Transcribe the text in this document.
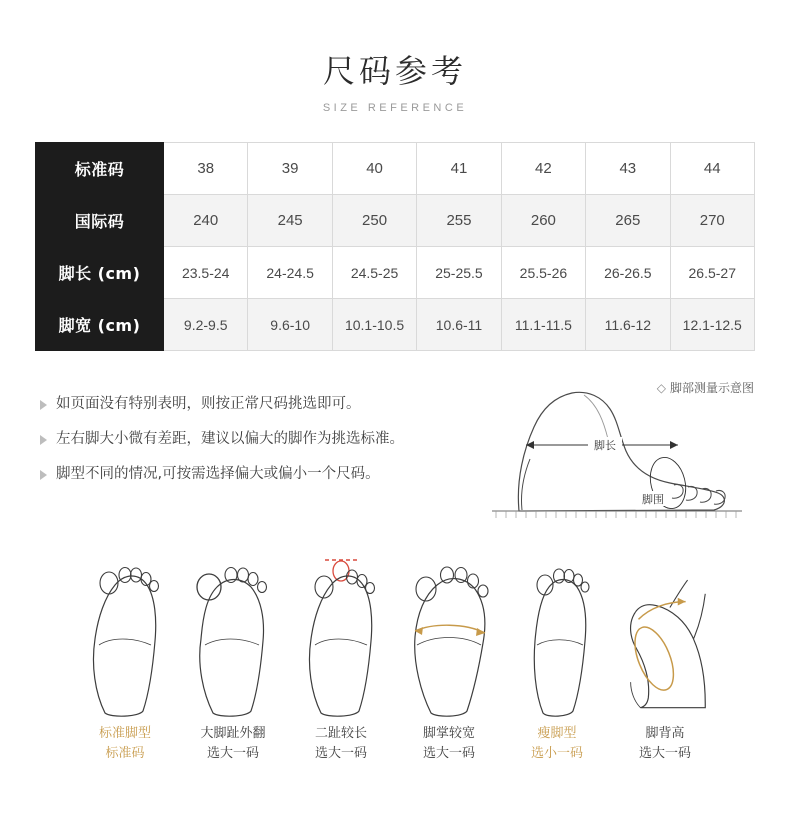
尺码参考
SIZE REFERENCE
标准码	38	39	40	41	42	43	44
国际码	240	245	250	255	260	265	270
脚长 (cm)	23.5-24	24-24.5	24.5-25	25-25.5	25.5-26	26-26.5	26.5-27
脚宽 (cm)	9.2-9.5	9.6-10	10.1-10.5	10.6-11	11.1-11.5	11.6-12	12.1-12.5
如页面没有特别表明，则按正常尺码挑选即可。
左右脚大小微有差距，建议以偏大的脚作为挑选标准。
脚型不同的情况,可按需选择偏大或偏小一个尺码。
◇ 脚部测量示意图
脚长
脚围
标准脚型
标准码
大脚趾外翻
选大一码
二趾较长
选大一码
脚掌较宽
选大一码
瘦脚型
选小一码
脚背高
选大一码
